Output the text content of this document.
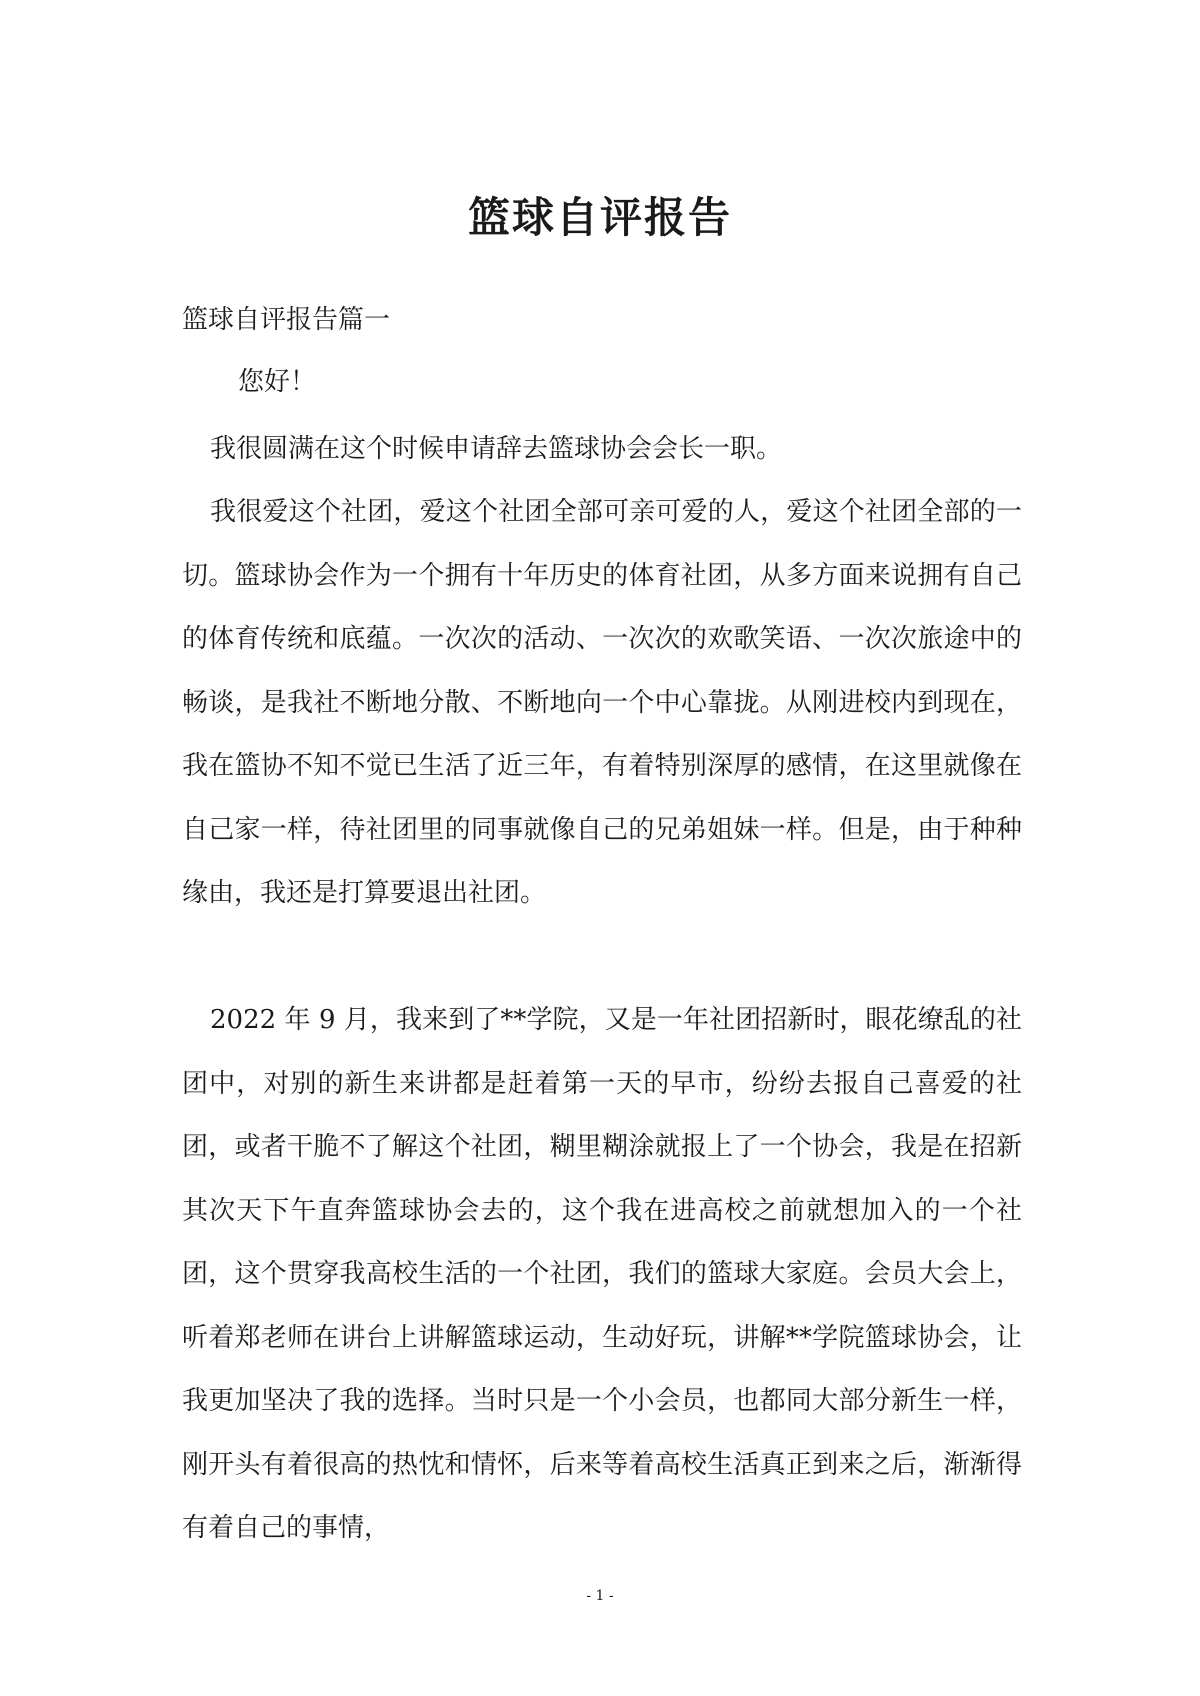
篮球自评报告

篮球自评报告篇一

您好！

我很圆满在这个时候申请辞去篮球协会会长一职。

我很爱这个社团，爱这个社团全部可亲可爱的人，爱这个社团全部的一切。篮球协会作为一个拥有十年历史的体育社团，从多方面来说拥有自己的体育传统和底蕴。一次次的活动、一次次的欢歌笑语、一次次旅途中的畅谈，是我社不断地分散、不断地向一个中心靠拢。从刚进校内到现在，我在篮协不知不觉已生活了近三年，有着特别深厚的感情，在这里就像在自己家一样，待社团里的同事就像自己的兄弟姐妹一样。但是，由于种种缘由，我还是打算要退出社团。

2022 年 9 月，我来到了**学院，又是一年社团招新时，眼花缭乱的社团中，对别的新生来讲都是赶着第一天的早市，纷纷去报自己喜爱的社团，或者干脆不了解这个社团，糊里糊涂就报上了一个协会，我是在招新其次天下午直奔篮球协会去的，这个我在进高校之前就想加入的一个社团，这个贯穿我高校生活的一个社团，我们的篮球大家庭。会员大会上，听着郑老师在讲台上讲解篮球运动，生动好玩，讲解**学院篮球协会，让我更加坚决了我的选择。当时只是一个小会员，也都同大部分新生一样，刚开头有着很高的热忱和情怀，后来等着高校生活真正到来之后，渐渐得有着自己的事情，

- 1 -
